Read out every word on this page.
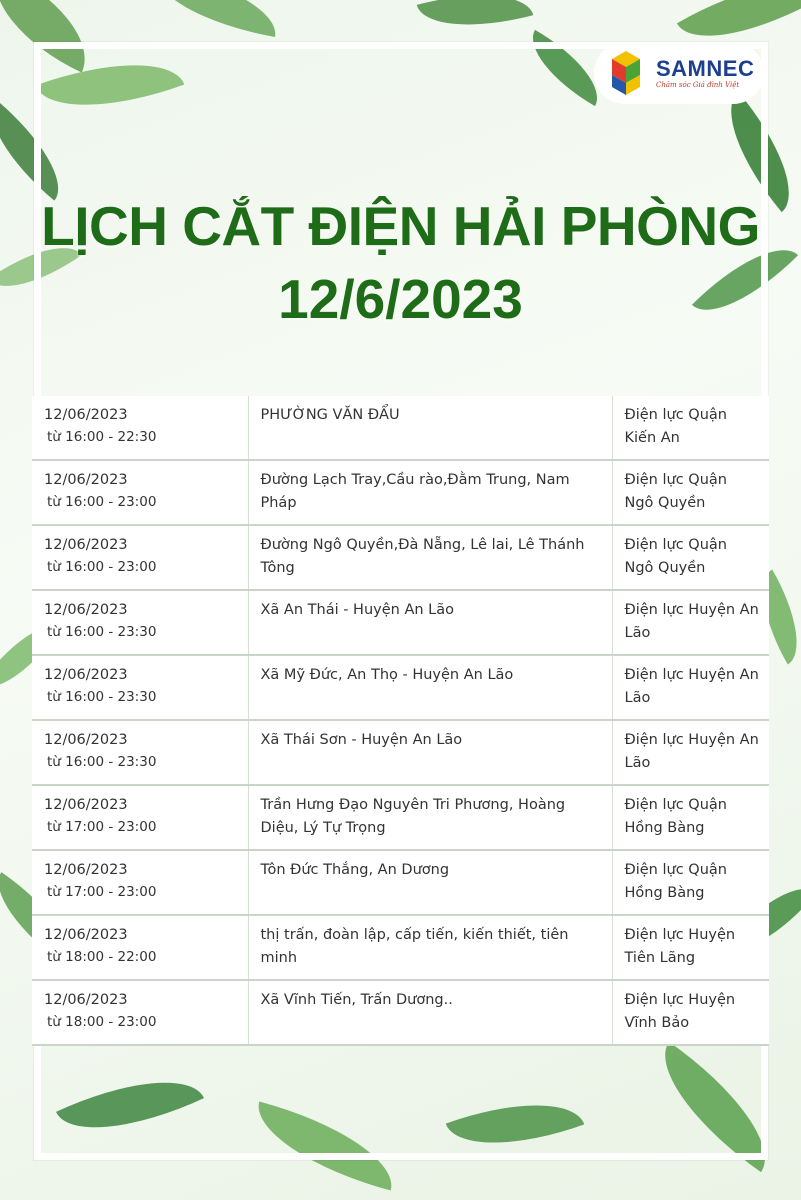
SAMNEC
Chăm sóc Giá đình Việt
LỊCH CẮT ĐIỆN HẢI PHÒNG
12/6/2023
12/06/2023
từ 16:00 - 22:30	PHƯỜNG VĂN ĐẨU	Điện lực Quận Kiến An

12/06/2023
từ 16:00 - 23:00	Đường Lạch Tray,Cầu rào,Đằm Trung, Nam Pháp	Điện lực Quận Ngô Quyền

12/06/2023
từ 16:00 - 23:00	Đường Ngô Quyền,Đà Nẵng, Lê lai, Lê Thánh Tông	Điện lực Quận Ngô Quyền

12/06/2023
từ 16:00 - 23:30	Xã An Thái - Huyện An Lão	Điện lực Huyện An Lão

12/06/2023
từ 16:00 - 23:30	Xã Mỹ Đức, An Thọ - Huyện An Lão	Điện lực Huyện An Lão

12/06/2023
từ 16:00 - 23:30	Xã Thái Sơn - Huyện An Lão	Điện lực Huyện An Lão

12/06/2023
từ 17:00 - 23:00	Trần Hưng Đạo Nguyên Tri Phương, Hoàng Diệu, Lý Tự Trọng	Điện lực Quận Hồng Bàng

12/06/2023
từ 17:00 - 23:00	Tôn Đức Thắng, An Dương	Điện lực Quận Hồng Bàng

12/06/2023
từ 18:00 - 22:00	thị trấn, đoàn lập, cấp tiến, kiến thiết, tiên minh	Điện lực Huyện Tiên Lãng

12/06/2023
từ 18:00 - 23:00	Xã Vĩnh Tiến, Trấn Dương..	Điện lực Huyện Vĩnh Bảo
